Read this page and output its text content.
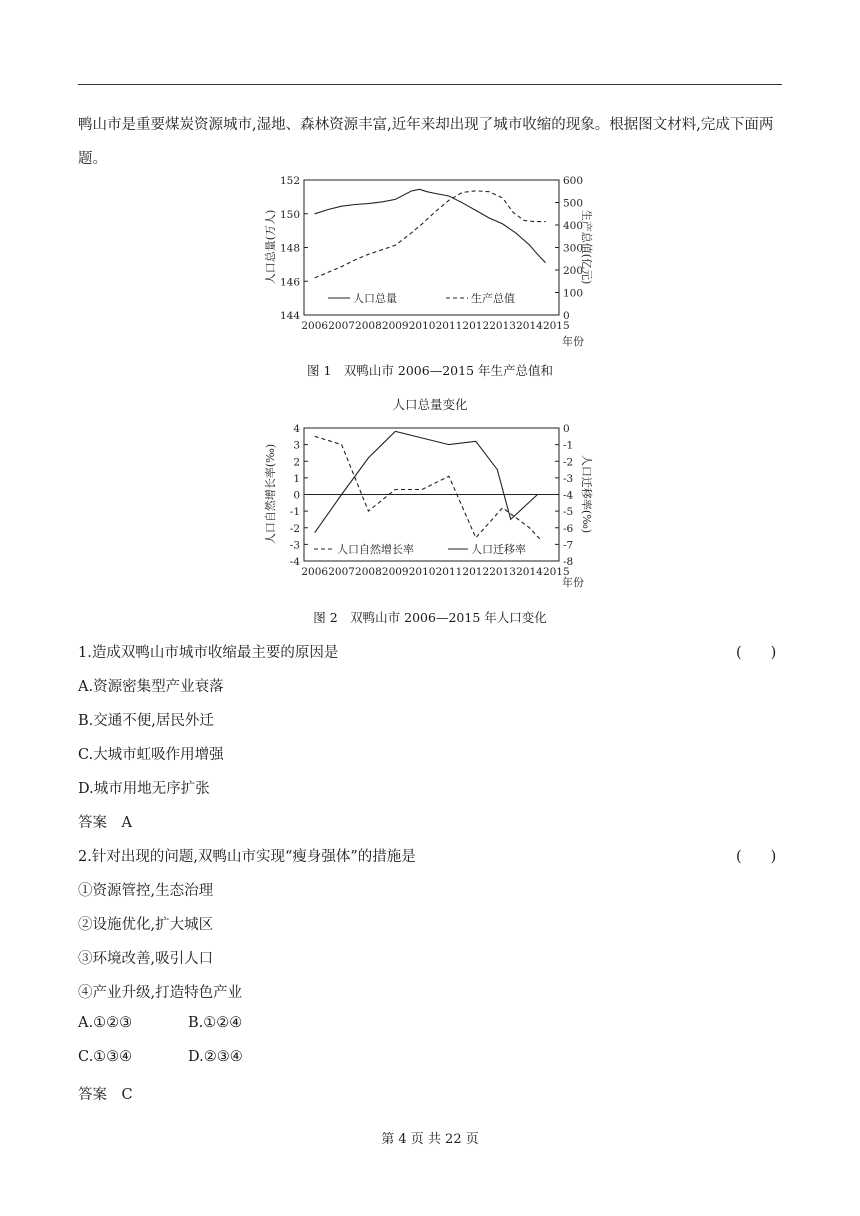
鸭山市是重要煤炭资源城市,湿地、森林资源丰富,近年来却出现了城市收缩的现象。根据图文材料,完成下面两题。
2006 2007 2008 2009 2010 2011 2012 2013 2014 2015
144
146
148
150
152
0
100
200
300
400
500
600
人口总量(万人)	生产总值(亿元)
年份
人口总量	生产总值
图 1　双鸭山市 2006—2015 年生产总值和
人口总量变化
2006 2007 2008 2009 2010 2011 2012 2013 2014 2015
-4
-3
-2
-1
0
1
2
3
4
-8
-7
-6
-5
-4
-3
-2
-1
0
人口自然增长率(‰)	人口迁移率(‰)
年份
人口自然增长率	人口迁移率
图 2　双鸭山市 2006—2015 年人口变化
1.造成双鸭山市城市收缩最主要的原因是	(　　)
A.资源密集型产业衰落
B.交通不便,居民外迁
C.大城市虹吸作用增强
D.城市用地无序扩张
答案　A
2.针对出现的问题,双鸭山市实现“瘦身强体”的措施是	(　　)
①资源管控,生态治理
②设施优化,扩大城区
③环境改善,吸引人口
④产业升级,打造特色产业
A.①②③	B.①②④
C.①③④	D.②③④
答案　C
第 4 页 共 22 页
